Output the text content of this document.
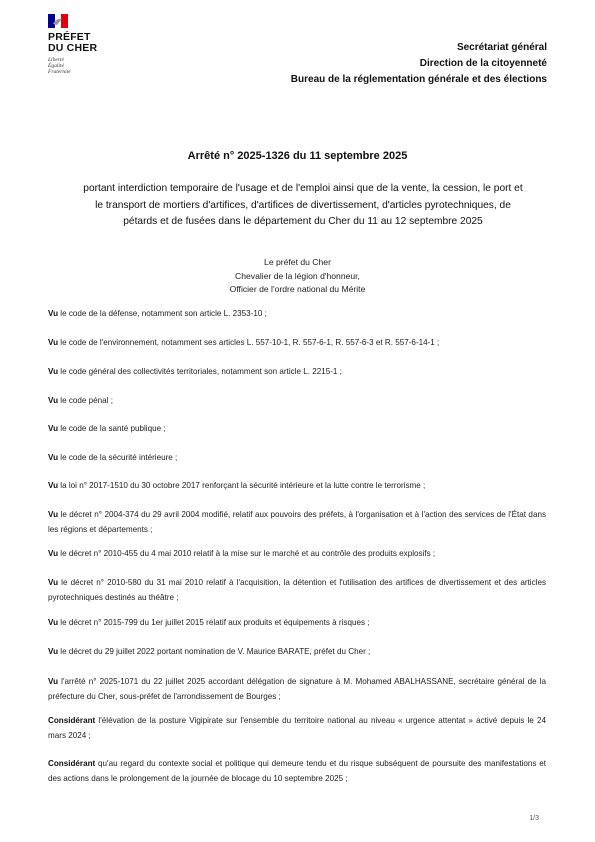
PRÉFET
DU CHER
Liberté
Égalité
Fraternité
Secrétariat général
Direction de la citoyenneté
Bureau de la réglementation générale et des élections
Arrêté n° 2025-1326 du 11 septembre 2025
portant interdiction temporaire de l'usage et de l'emploi ainsi que de la vente, la cession, le port et
le transport de mortiers d'artifices, d'artifices de divertissement, d'articles pyrotechniques, de
pétards et de fusées dans le département du Cher du 11 au 12 septembre 2025
Le préfet du Cher
Chevalier de la légion d'honneur,
Officier de l'ordre national du Mérite
Vu le code de la défense, notamment son article L. 2353-10 ;
Vu le code de l'environnement, notamment ses articles L. 557-10-1, R. 557-6-1, R. 557-6-3 et R. 557-6-14-1 ;
Vu le code général des collectivités territoriales, notamment son article L. 2215-1 ;
Vu le code pénal ;
Vu le code de la santé publique ;
Vu le code de la sécurité intérieure ;
Vu la loi n° 2017-1510 du 30 octobre 2017 renforçant la sécurité intérieure et la lutte contre le terrorisme ;
Vu le décret n° 2004-374 du 29 avril 2004 modifié, relatif aux pouvoirs des préfets, à l'organisation et à l'action des services de l'État dans les régions et départements ;
Vu le décret n° 2010-455 du 4 mai 2010 relatif à la mise sur le marché et au contrôle des produits explosifs ;
Vu le décret n° 2010-580 du 31 mai 2010 relatif à l'acquisition, la détention et l'utilisation des artifices de divertissement et des articles pyrotechniques destinés au théâtre ;
Vu le décret n° 2015-799 du 1er juillet 2015 relatif aux produits et équipements à risques ;
Vu le décret du 29 juillet 2022 portant nomination de V. Maurice BARATE, préfet du Cher ;
Vu l'arrêté n° 2025-1071 du 22 juillet 2025 accordant délégation de signature à M. Mohamed ABALHASSANE, secrétaire général de la préfecture du Cher, sous-préfet de l'arrondissement de Bourges ;
Considérant l'élévation de la posture Vigipirate sur l'ensemble du territoire national au niveau « urgence attentat » activé depuis le 24 mars 2024 ;
Considérant qu'au regard du contexte social et politique qui demeure tendu et du risque subséquent de poursuite des manifestations et des actions dans le prolongement de la journée de blocage du 10 septembre 2025 ;
1/3
